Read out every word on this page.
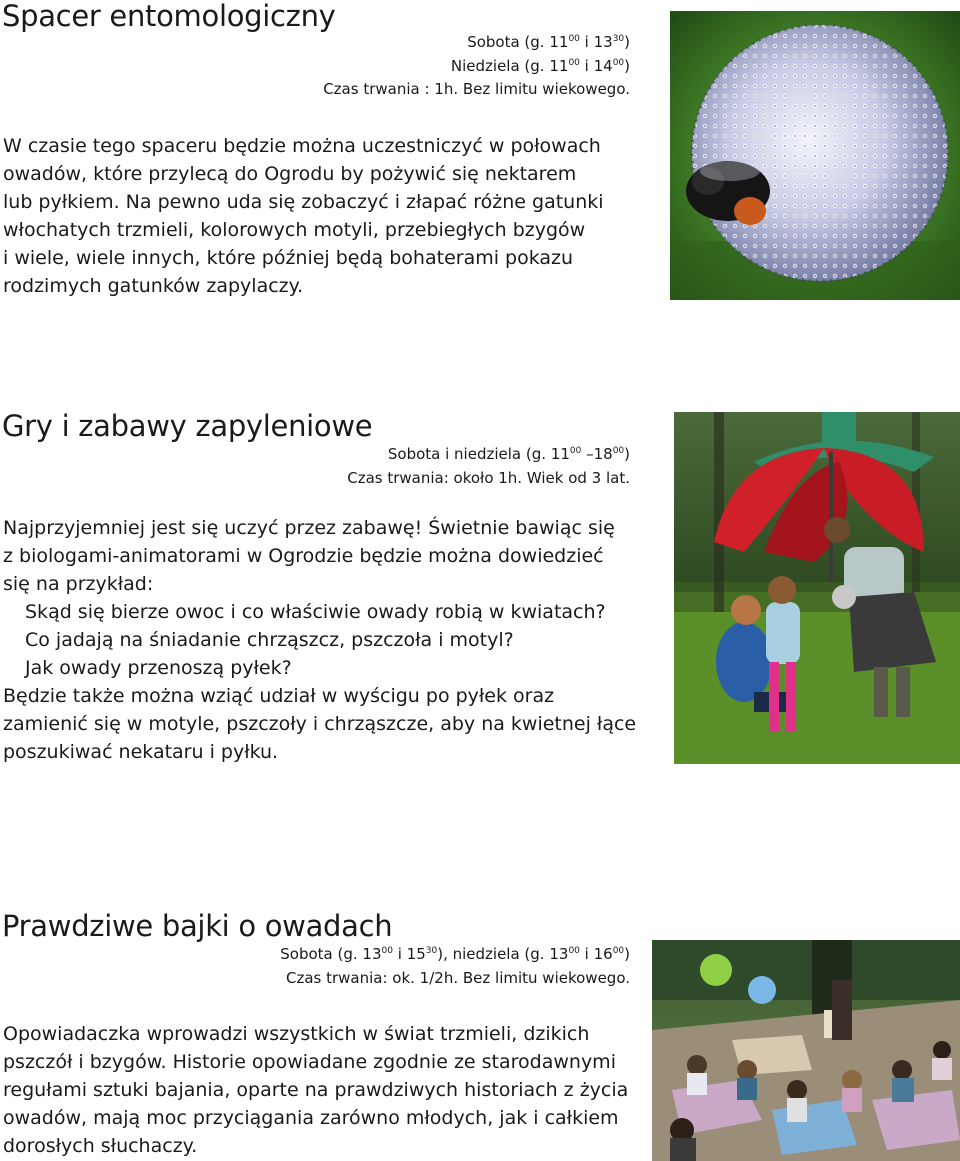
Spacer entomologiczny
Sobota (g. $11^{00}$ i $13^{30}$)
Niedziela (g. $11^{00}$ i $14^{00}$)
Czas trwania : 1h. Bez limitu wiekowego.
W czasie tego spaceru będzie można uczestniczyć w połowach
owadów, które przylecą do Ogrodu by pożywić się nektarem
lub pyłkiem. Na pewno uda się zobaczyć i złapać różne gatunki
włochatych trzmieli, kolorowych motyli, przebiegłych bzygów
i wiele, wiele innych, które później będą bohaterami pokazu
rodzimych gatunków zapylaczy.
Gry i zabawy zapyleniowe
Sobota i niedziela (g. $11^{00}$ $-18^{00}$)
Czas trwania: około 1h. Wiek od 3 lat.
Najprzyjemniej jest się uczyć przez zabawę! Świetnie bawiąc się
z biologami-animatorami w Ogrodzie będzie można dowiedzieć
się na przykład:
Skąd się bierze owoc i co właściwie owady robią w kwiatach?
Co jadają na śniadanie chrząszcz, pszczoła i motyl?
Jak owady przenoszą pyłek?
Będzie także można wziąć udział w wyścigu po pyłek oraz
zamienić się w motyle, pszczoły i chrząszcze, aby na kwietnej łące
poszukiwać nekataru i pyłku.
Prawdziwe bajki o owadach
Sobota (g. $13^{00}$ i $15^{30}$), niedziela (g. $13^{00}$ i $16^{00}$)
Czas trwania: ok. 1/2h. Bez limitu wiekowego.
Opowiadaczka wprowadzi wszystkich w świat trzmieli, dzikich
pszczół i bzygów. Historie opowiadane zgodnie ze starodawnymi
regułami sztuki bajania, oparte na prawdziwych historiach z życia
owadów, mają moc przyciągania zarówno młodych, jak i całkiem
dorosłych słuchaczy.
